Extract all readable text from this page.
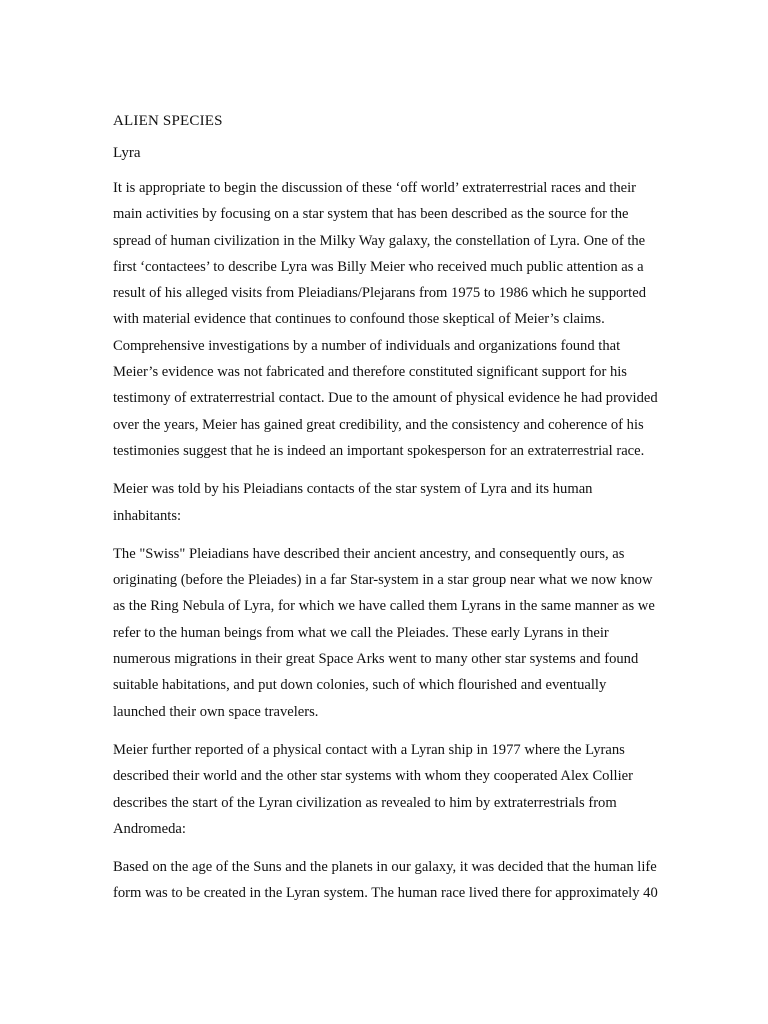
ALIEN SPECIES
Lyra

It is appropriate to begin the discussion of these ‘off world’ extraterrestrial races and their
main activities by focusing on a star system that has been described as the source for the
spread of human civilization in the Milky Way galaxy, the constellation of Lyra. One of the
first ‘contactees’ to describe Lyra was Billy Meier who received much public attention as a
result of his alleged visits from Pleiadians/Plejarans from 1975 to 1986 which he supported
with material evidence that continues to confound those skeptical of Meier’s claims.
Comprehensive investigations by a number of individuals and organizations found that
Meier’s evidence was not fabricated and therefore constituted significant support for his
testimony of extraterrestrial contact. Due to the amount of physical evidence he had provided
over the years, Meier has gained great credibility, and the consistency and coherence of his
testimonies suggest that he is indeed an important spokesperson for an extraterrestrial race.

Meier was told by his Pleiadians contacts of the star system of Lyra and its human
inhabitants:

The "Swiss" Pleiadians have described their ancient ancestry, and consequently ours, as
originating (before the Pleiades) in a far Star-system in a star group near what we now know
as the Ring Nebula of Lyra, for which we have called them Lyrans in the same manner as we
refer to the human beings from what we call the Pleiades. These early Lyrans in their
numerous migrations in their great Space Arks went to many other star systems and found
suitable habitations, and put down colonies, such of which flourished and eventually
launched their own space travelers.

Meier further reported of a physical contact with a Lyran ship in 1977 where the Lyrans
described their world and the other star systems with whom they cooperated Alex Collier
describes the start of the Lyran civilization as revealed to him by extraterrestrials from
Andromeda:

Based on the age of the Suns and the planets in our galaxy, it was decided that the human life
form was to be created in the Lyran system. The human race lived there for approximately 40
